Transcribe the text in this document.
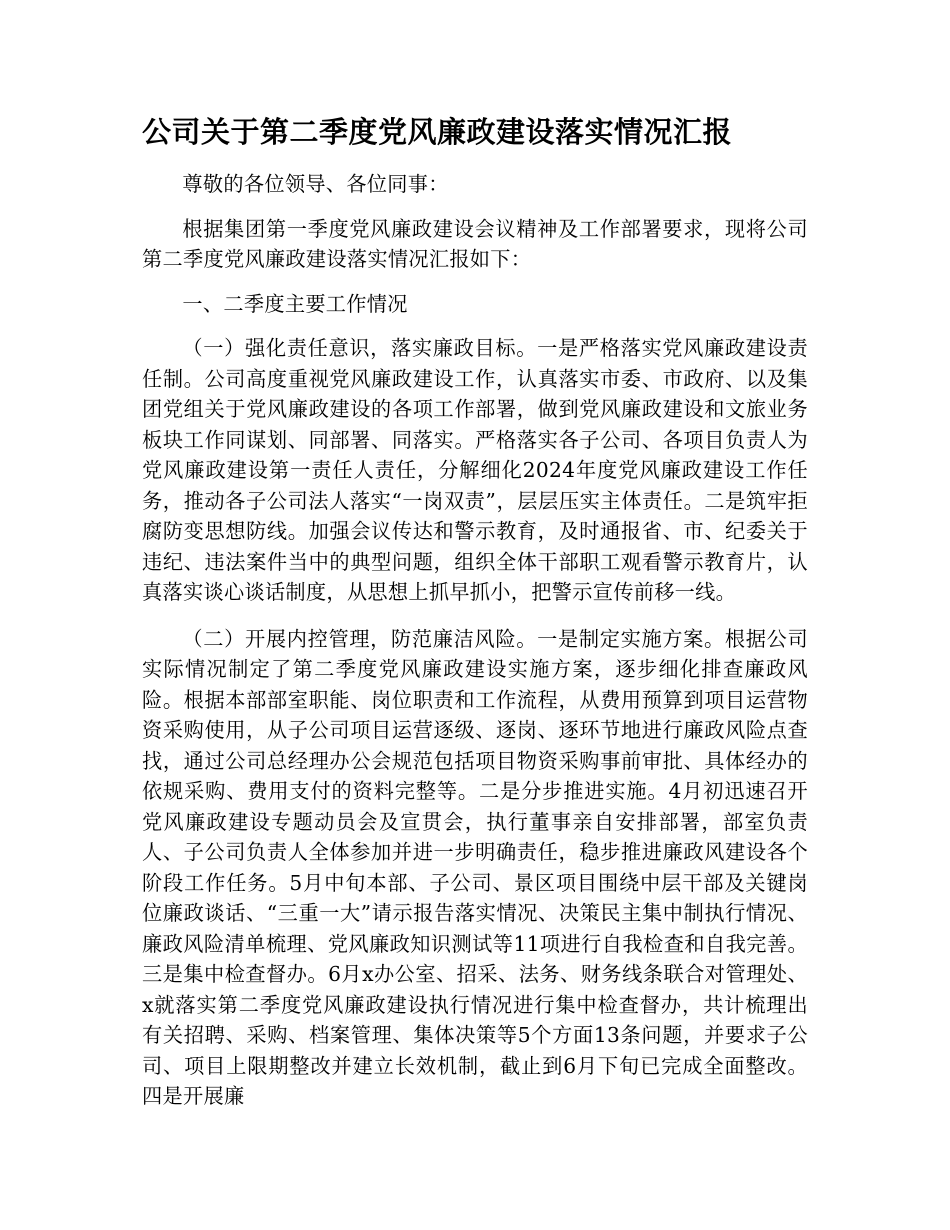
公司关于第二季度党风廉政建设落实情况汇报

尊敬的各位领导、各位同事：

根据集团第一季度党风廉政建设会议精神及工作部署要求，现将公司第二季度党风廉政建设落实情况汇报如下：

一、二季度主要工作情况

（一）强化责任意识，落实廉政目标。一是严格落实党风廉政建设责任制。公司高度重视党风廉政建设工作，认真落实市委、市政府、以及集团党组关于党风廉政建设的各项工作部署，做到党风廉政建设和文旅业务板块工作同谋划、同部署、同落实。严格落实各子公司、各项目负责人为党风廉政建设第一责任人责任，分解细化2024年度党风廉政建设工作任务，推动各子公司法人落实“一岗双责”，层层压实主体责任。二是筑牢拒腐防变思想防线。加强会议传达和警示教育，及时通报省、市、纪委关于违纪、违法案件当中的典型问题，组织全体干部职工观看警示教育片，认真落实谈心谈话制度，从思想上抓早抓小，把警示宣传前移一线。

（二）开展内控管理，防范廉洁风险。一是制定实施方案。根据公司实际情况制定了第二季度党风廉政建设实施方案，逐步细化排查廉政风险。根据本部部室职能、岗位职责和工作流程，从费用预算到项目运营物资采购使用，从子公司项目运营逐级、逐岗、逐环节地进行廉政风险点查找，通过公司总经理办公会规范包括项目物资采购事前审批、具体经办的依规采购、费用支付的资料完整等。二是分步推进实施。4月初迅速召开党风廉政建设专题动员会及宣贯会，执行董事亲自安排部署，部室负责人、子公司负责人全体参加并进一步明确责任，稳步推进廉政风建设各个阶段工作任务。5月中旬本部、子公司、景区项目围绕中层干部及关键岗位廉政谈话、“三重一大”请示报告落实情况、决策民主集中制执行情况、廉政风险清单梳理、党风廉政知识测试等11项进行自我检查和自我完善。三是集中检查督办。6月x办公室、招采、法务、财务线条联合对管理处、x就落实第二季度党风廉政建设执行情况进行集中检查督办，共计梳理出有关招聘、采购、档案管理、集体决策等5个方面13条问题，并要求子公司、项目上限期整改并建立长效机制，截止到6月下旬已完成全面整改。四是开展廉
